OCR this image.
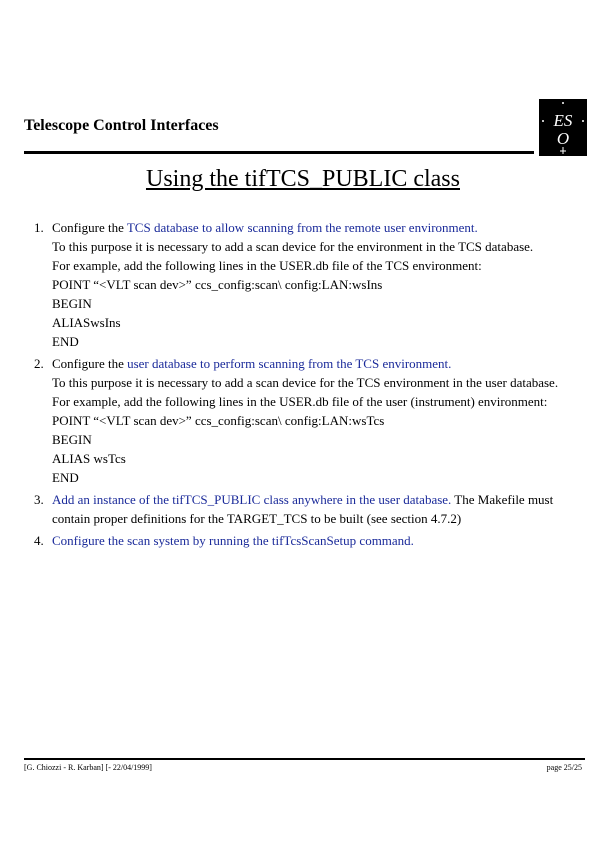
Telescope Control Interfaces	ES
O
Using the tifTCS_PUBLIC class
1. Configure the TCS database to allow scanning from the remote user environment.
To this purpose it is necessary to add a scan device for the environment in the TCS database.
For example, add the following lines in the USER.db file of the TCS environment:
POINT “<VLT scan dev>” ccs_config:scan\ config:LAN:wsIns
BEGIN
ALIASwsIns
END
2. Configure the user database to perform scanning from the TCS environment.
To this purpose it is necessary to add a scan device for the TCS environment in the user database.
For example, add the following lines in the USER.db file of the user (instrument) environment:
POINT “<VLT scan dev>” ccs_config:scan\ config:LAN:wsTcs
BEGIN
ALIAS wsTcs
END
3. Add an instance of the tifTCS_PUBLIC class anywhere in the user database. The Makefile must contain proper definitions for the TARGET_TCS to be built (see section 4.7.2)
4. Configure the scan system by running the tifTcsScanSetup command.
[G. Chiozzi - R. Karban] [- 22/04/1999]	page 25/25
